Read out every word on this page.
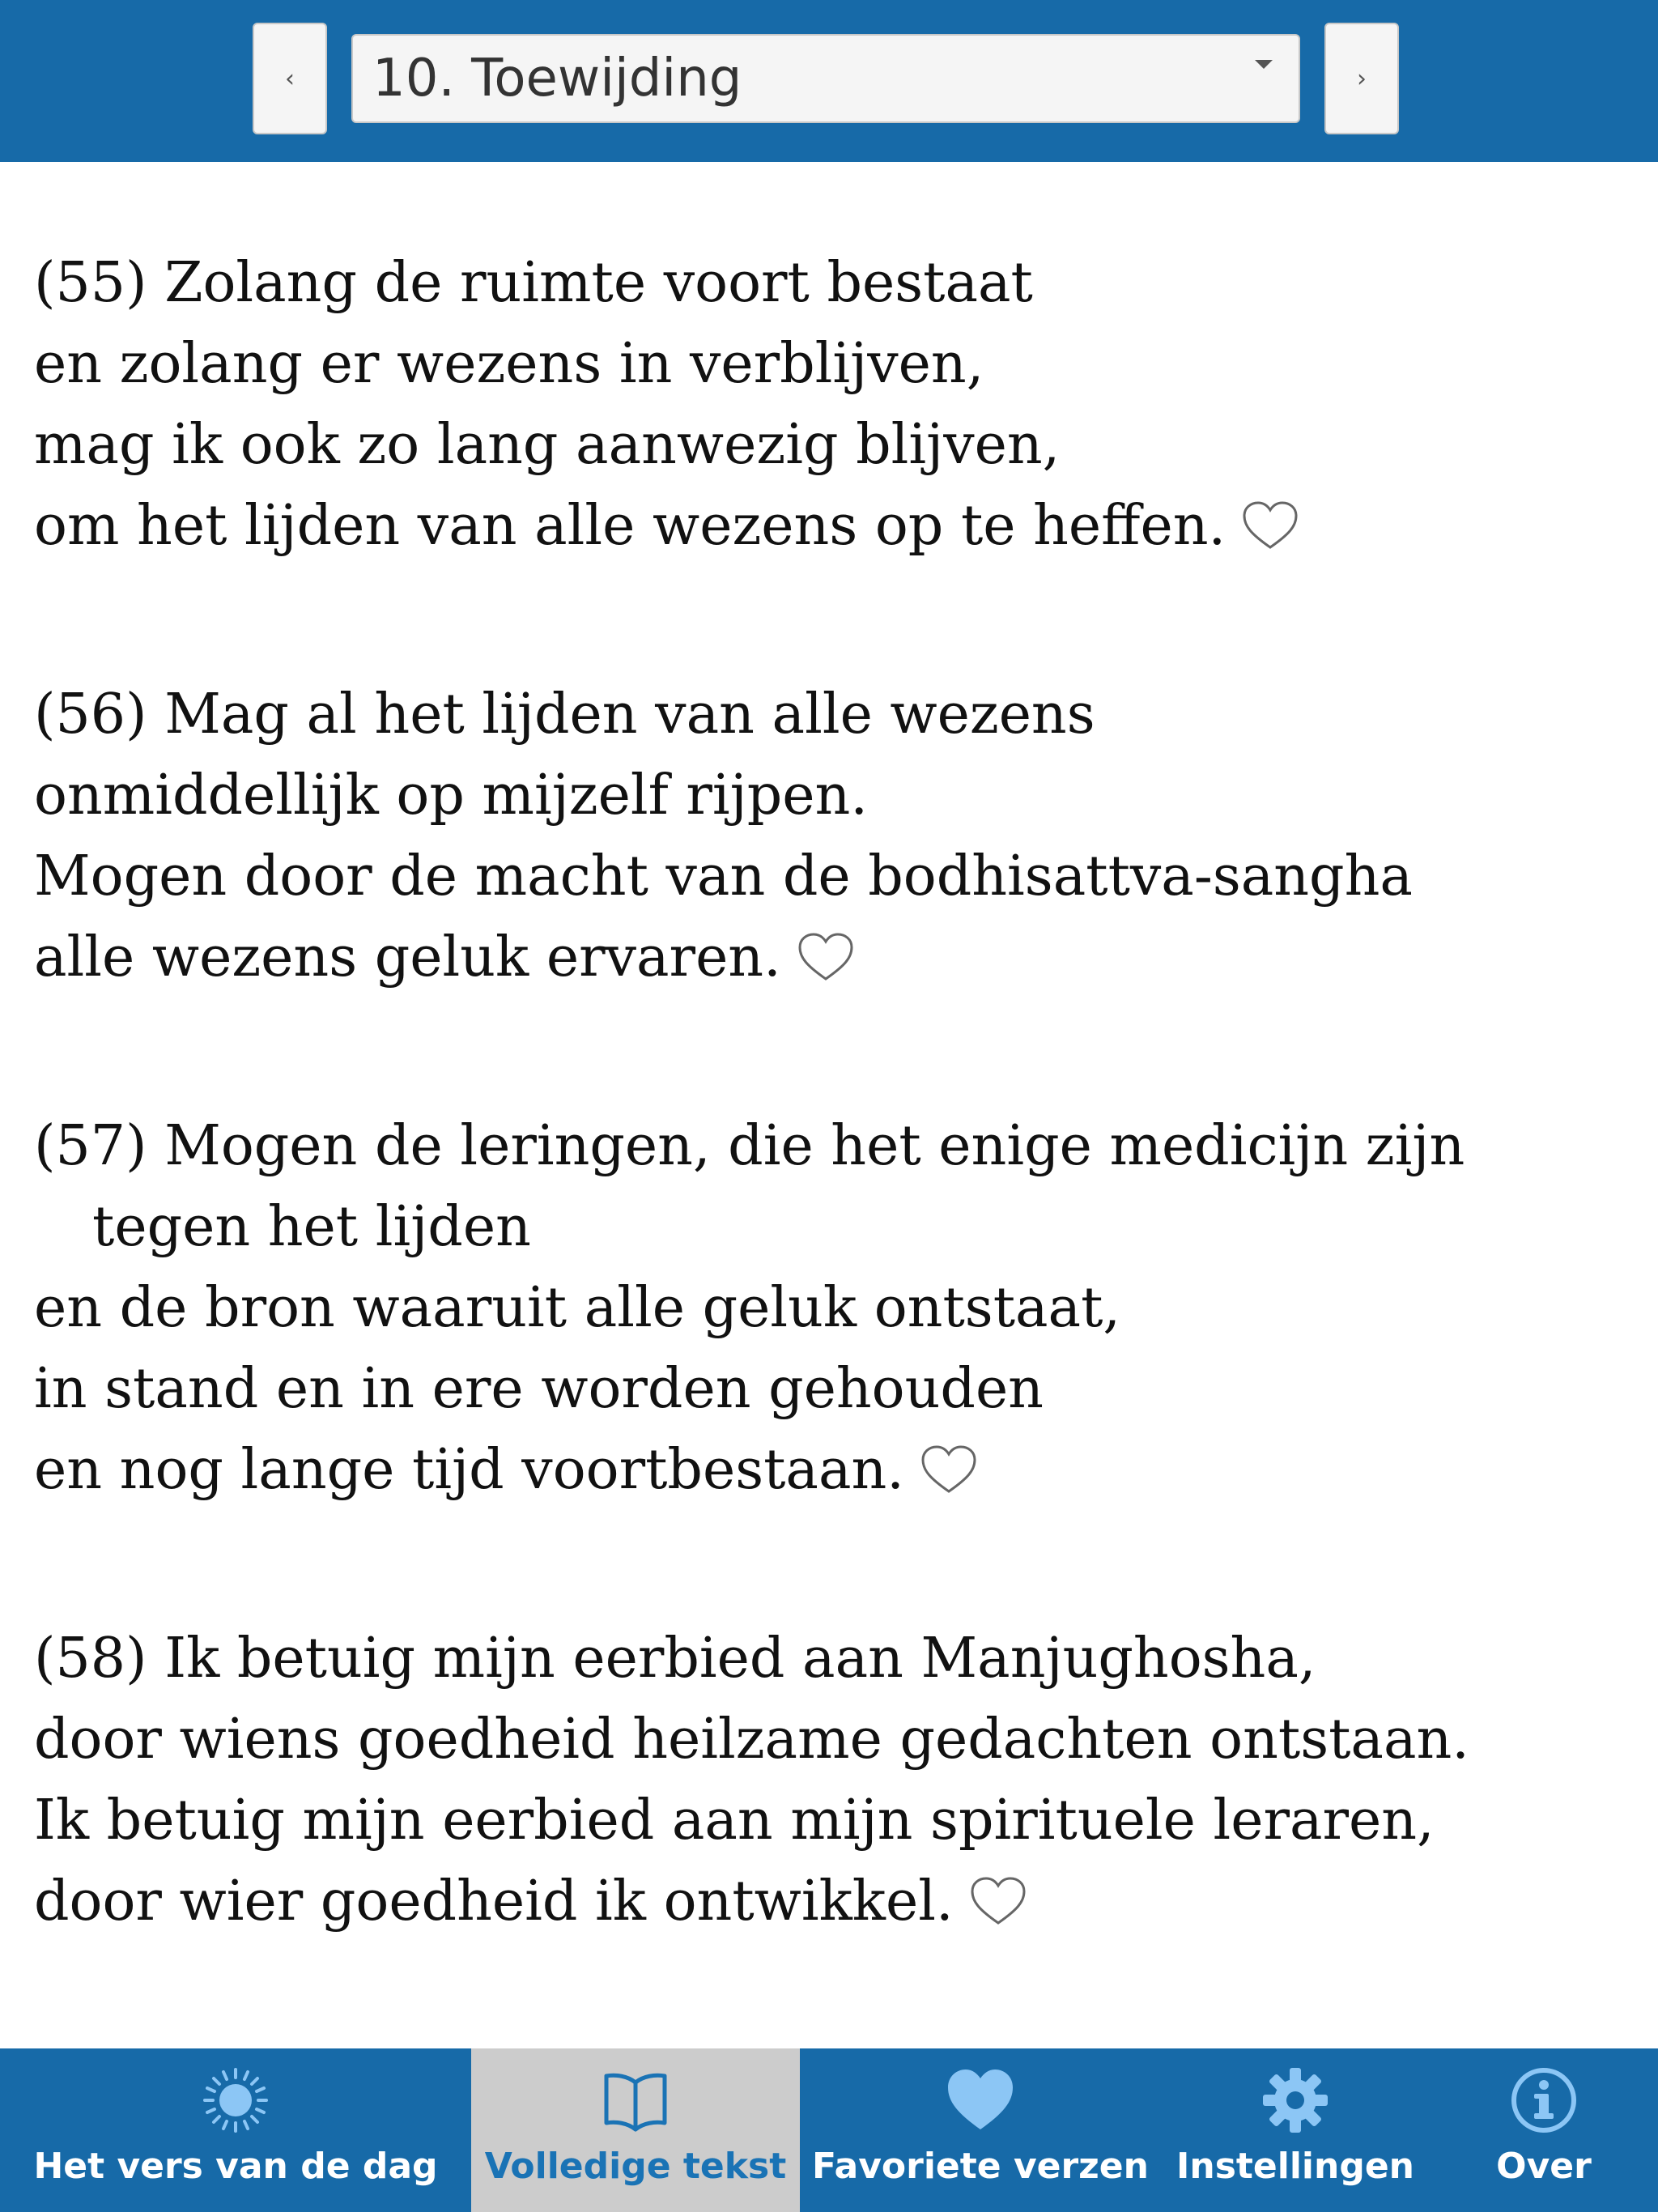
‹ 10. Toewijding	›
(55) Zolang de ruimte voort bestaat
en zolang er wezens in verblijven,
mag ik ook zo lang aanwezig blijven,
om het lijden van alle wezens op te heffen.
(56) Mag al het lijden van alle wezens
onmiddellijk op mijzelf rijpen.
Mogen door de macht van de bodhisattva-sangha
alle wezens geluk ervaren.
(57) Mogen de leringen, die het enige medicijn zijn
tegen het lijden
en de bron waaruit alle geluk ontstaat,
in stand en in ere worden gehouden
en nog lange tijd voortbestaan.
(58) Ik betuig mijn eerbied aan Manjughosha,
door wiens goedheid heilzame gedachten ontstaan.
Ik betuig mijn eerbied aan mijn spirituele leraren,
door wier goedheid ik ontwikkel.
Het vers van de dag Volledige tekst Favoriete verzen Instellingen Over
